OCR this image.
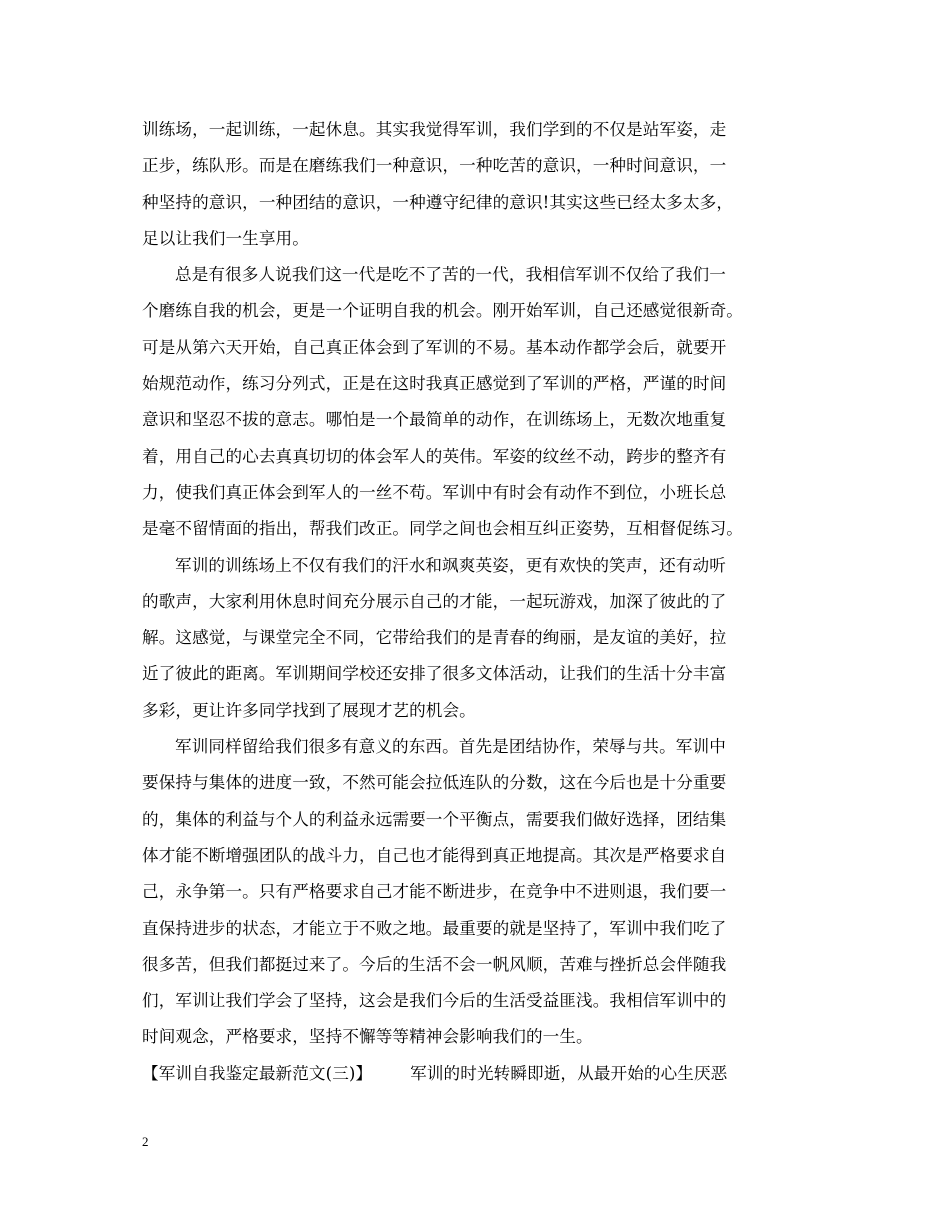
训练场，一起训练，一起休息。其实我觉得军训，我们学到的不仅是站军姿，走
正步，练队形。而是在磨练我们一种意识，一种吃苦的意识，一种时间意识，一
种坚持的意识，一种团结的意识，一种遵守纪律的意识!其实这些已经太多太多，
足以让我们一生享用。
总是有很多人说我们这一代是吃不了苦的一代，我相信军训不仅给了我们一
个磨练自我的机会，更是一个证明自我的机会。刚开始军训，自己还感觉很新奇。
可是从第六天开始，自己真正体会到了军训的不易。基本动作都学会后，就要开
始规范动作，练习分列式，正是在这时我真正感觉到了军训的严格，严谨的时间
意识和坚忍不拔的意志。哪怕是一个最简单的动作，在训练场上，无数次地重复
着，用自己的心去真真切切的体会军人的英伟。军姿的纹丝不动，跨步的整齐有
力，使我们真正体会到军人的一丝不苟。军训中有时会有动作不到位，小班长总
是毫不留情面的指出，帮我们改正。同学之间也会相互纠正姿势，互相督促练习。
军训的训练场上不仅有我们的汗水和飒爽英姿，更有欢快的笑声，还有动听
的歌声，大家利用休息时间充分展示自己的才能，一起玩游戏，加深了彼此的了
解。这感觉，与课堂完全不同，它带给我们的是青春的绚丽，是友谊的美好，拉
近了彼此的距离。军训期间学校还安排了很多文体活动，让我们的生活十分丰富
多彩，更让许多同学找到了展现才艺的机会。
军训同样留给我们很多有意义的东西。首先是团结协作，荣辱与共。军训中
要保持与集体的进度一致，不然可能会拉低连队的分数，这在今后也是十分重要
的，集体的利益与个人的利益永远需要一个平衡点，需要我们做好选择，团结集
体才能不断增强团队的战斗力，自己也才能得到真正地提高。其次是严格要求自
己，永争第一。只有严格要求自己才能不断进步，在竞争中不进则退，我们要一
直保持进步的状态，才能立于不败之地。最重要的就是坚持了，军训中我们吃了
很多苦，但我们都挺过来了。今后的生活不会一帆风顺，苦难与挫折总会伴随我
们，军训让我们学会了坚持，这会是我们今后的生活受益匪浅。我相信军训中的
时间观念，严格要求，坚持不懈等等精神会影响我们的一生。
【军训自我鉴定最新范文(三)】 军训的时光转瞬即逝，从最开始的心生厌恶
2
